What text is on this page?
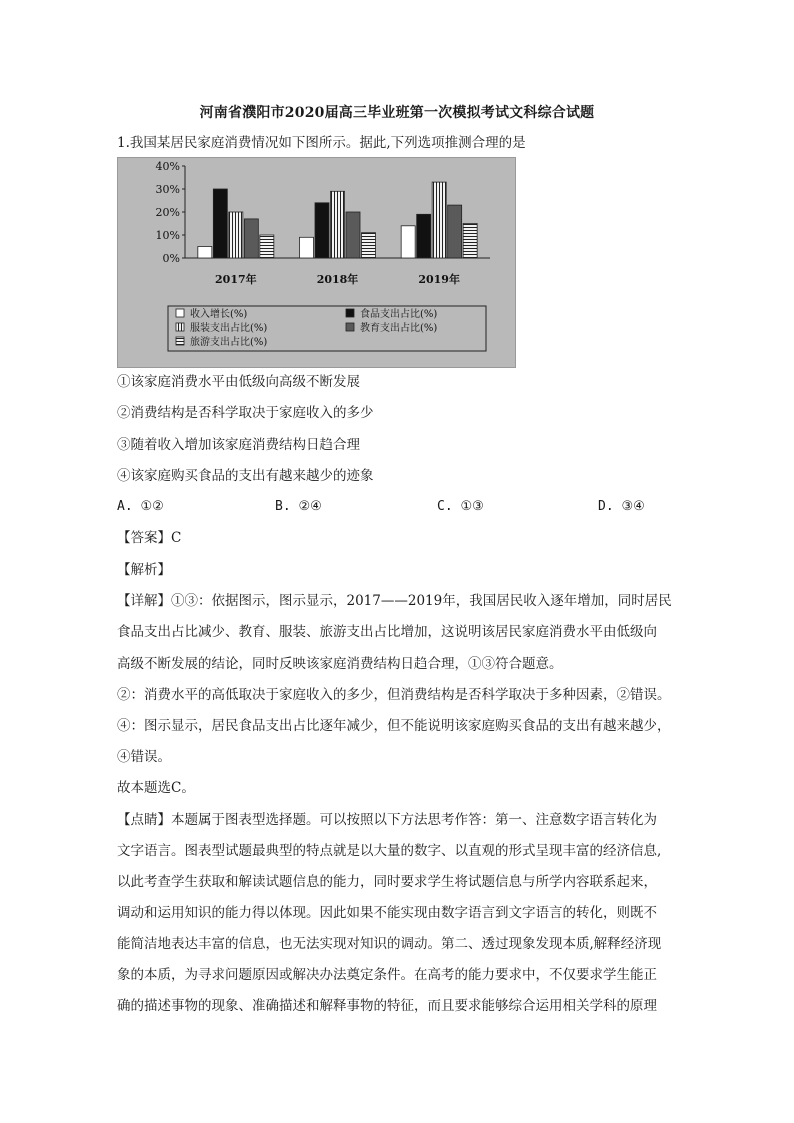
河南省濮阳市2020届高三毕业班第一次模拟考试文科综合试题
1.我国某居民家庭消费情况如下图所示。据此,下列选项推测合理的是
0%
10%
20%
30%
40%
2017年	2018年	2019年
收入增长(%)	食品支出占比(%)
服装支出占比(%)	教育支出占比(%)
旅游支出占比(%)
①该家庭消费水平由低级向高级不断发展
②消费结构是否科学取决于家庭收入的多少
③随着收入增加该家庭消费结构日趋合理
④该家庭购买食品的支出有越来越少的迹象
A. ①②	B. ②④	C. ①③	D. ③④
【答案】C
【解析】
【详解】①③：依据图示，图示显示，2017——2019年，我国居民收入逐年增加，同时居民
食品支出占比减少、教育、服装、旅游支出占比增加，这说明该居民家庭消费水平由低级向
高级不断发展的结论，同时反映该家庭消费结构日趋合理，①③符合题意。
②：消费水平的高低取决于家庭收入的多少，但消费结构是否科学取决于多种因素，②错误。
④：图示显示，居民食品支出占比逐年减少，但不能说明该家庭购买食品的支出有越来越少，
④错误。
故本题选C。
【点睛】本题属于图表型选择题。可以按照以下方法思考作答：第一、注意数字语言转化为
文字语言。图表型试题最典型的特点就是以大量的数字、以直观的形式呈现丰富的经济信息,
以此考查学生获取和解读试题信息的能力，同时要求学生将试题信息与所学内容联系起来，
调动和运用知识的能力得以体现。因此如果不能实现由数字语言到文字语言的转化，则既不
能简洁地表达丰富的信息，也无法实现对知识的调动。第二、透过现象发现本质,解释经济现
象的本质，为寻求问题原因或解决办法奠定条件。在高考的能力要求中，不仅要求学生能正
确的描述事物的现象、准确描述和解释事物的特征，而且要求能够综合运用相关学科的原理
